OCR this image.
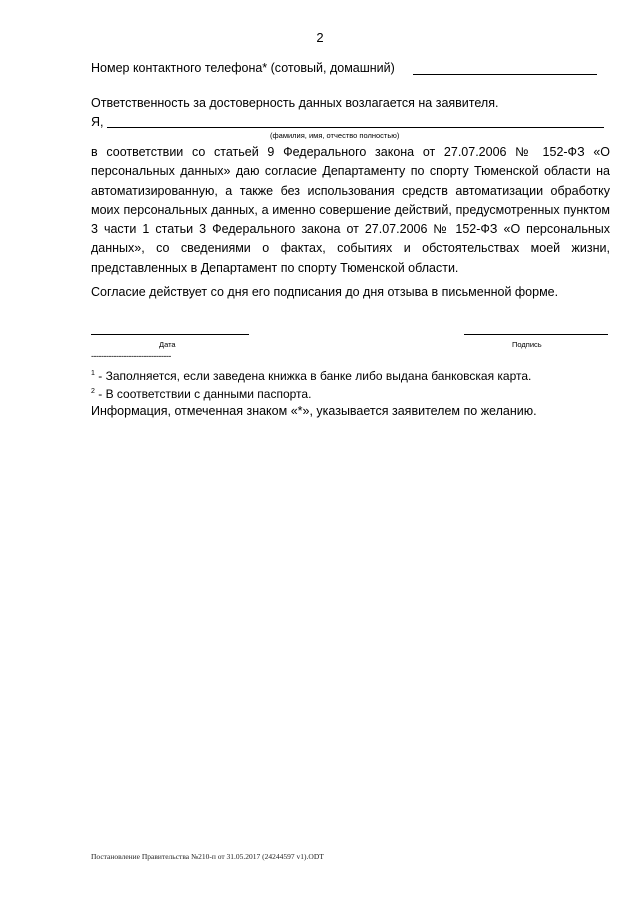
2
Номер контактного телефона* (сотовый, домашний)
Ответственность за достоверность данных возлагается на заявителя.
Я,
(фамилия, имя, отчество полностью)

в соответствии со статьей 9 Федерального закона от 27.07.2006 № 152-ФЗ «О персональных данных» даю согласие Департаменту по спорту Тюменской области на автоматизированную, а также без использования средств автоматизации обработку моих персональных данных, а именно совершение действий, предусмотренных пунктом 3 части 1 статьи 3 Федерального закона от 27.07.2006 № 152-ФЗ «О персональных данных», со сведениями о фактах, событиях и обстоятельствах моей жизни, представленных в Департамент по спорту Тюменской области.

Согласие действует со дня его подписания до дня отзыва в письменной форме.
Дата	Подпись
--------------------------------
$^1$ - Заполняется, если заведена книжка в банке либо выдана банковская карта.
$^2$ - В соответствии с данными паспорта.
Информация, отмеченная знаком «*», указывается заявителем по желанию.
Постановление Правительства №210-п от 31.05.2017 (24244597 v1).ODT
